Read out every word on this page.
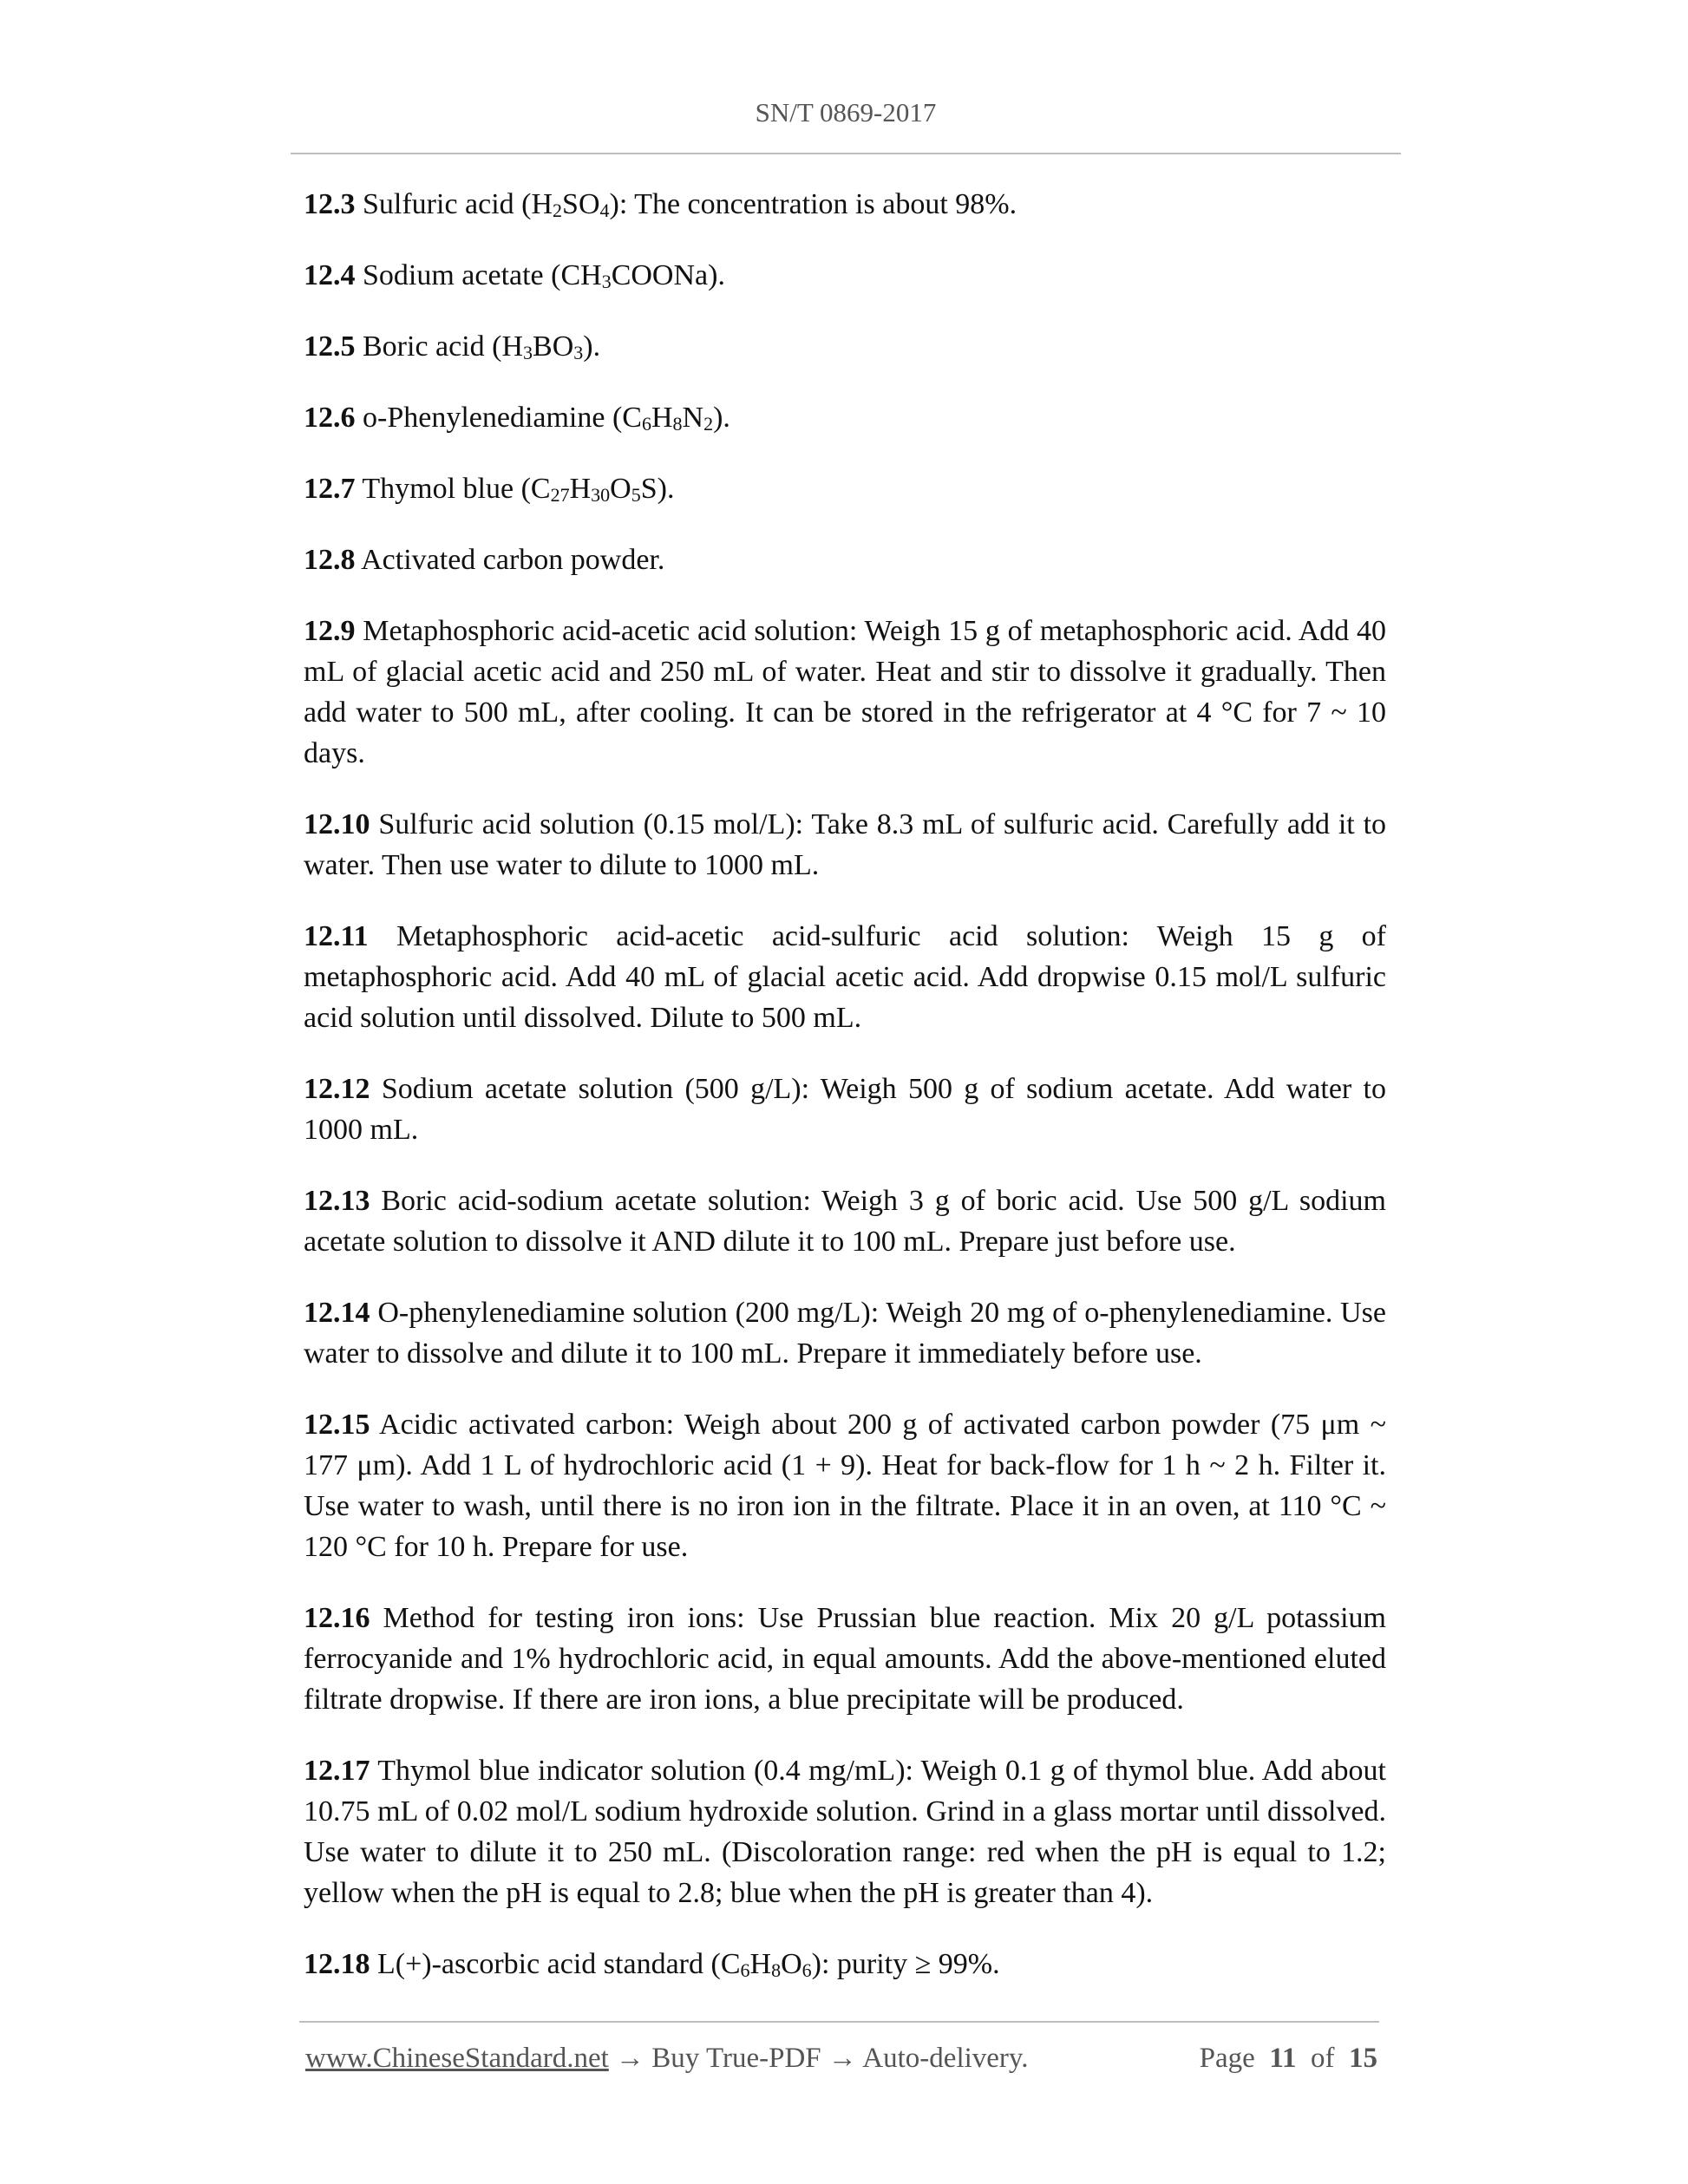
SN/T 0869-2017

12.3 Sulfuric acid $(H_2SO_4)$: The concentration is about 98%.

12.4 Sodium acetate $(CH_3COONa)$.

12.5 Boric acid $(H_3BO_3)$.

12.6 o-Phenylenediamine $(C_6H_8N_2)$.

12.7 Thymol blue $(C_{27}H_{30}O_5S)$.

12.8 Activated carbon powder.

12.9 Metaphosphoric acid-acetic acid solution: Weigh 15 g of metaphosphoric acid. Add 40 mL of glacial acetic acid and 250 mL of water. Heat and stir to dissolve it gradually. Then add water to 500 mL, after cooling. It can be stored in the refrigerator at 4 °C for 7 ~ 10 days.

12.10 Sulfuric acid solution (0.15 mol/L): Take 8.3 mL of sulfuric acid. Carefully add it to water. Then use water to dilute to 1000 mL.

12.11 Metaphosphoric acid-acetic acid-sulfuric acid solution: Weigh 15 g of metaphosphoric acid. Add 40 mL of glacial acetic acid. Add dropwise 0.15 mol/L sulfuric acid solution until dissolved. Dilute to 500 mL.

12.12 Sodium acetate solution (500 g/L): Weigh 500 g of sodium acetate. Add water to 1000 mL.

12.13 Boric acid-sodium acetate solution: Weigh 3 g of boric acid. Use 500 g/L sodium acetate solution to dissolve it AND dilute it to 100 mL. Prepare just before use.

12.14 O-phenylenediamine solution (200 mg/L): Weigh 20 mg of o-phenylenediamine. Use water to dissolve and dilute it to 100 mL. Prepare it immediately before use.

12.15 Acidic activated carbon: Weigh about 200 g of activated carbon powder (75 μm ~ 177 μm). Add 1 L of hydrochloric acid (1 + 9). Heat for back-flow for 1 h ~ 2 h. Filter it. Use water to wash, until there is no iron ion in the filtrate. Place it in an oven, at 110 °C ~ 120 °C for 10 h. Prepare for use.

12.16 Method for testing iron ions: Use Prussian blue reaction. Mix 20 g/L potassium ferrocyanide and 1% hydrochloric acid, in equal amounts. Add the above-mentioned eluted filtrate dropwise. If there are iron ions, a blue precipitate will be produced.

12.17 Thymol blue indicator solution (0.4 mg/mL): Weigh 0.1 g of thymol blue. Add about 10.75 mL of 0.02 mol/L sodium hydroxide solution. Grind in a glass mortar until dissolved. Use water to dilute it to 250 mL. (Discoloration range: red when the pH is equal to 1.2; yellow when the pH is equal to 2.8; blue when the pH is greater than 4).

12.18 L(+)-ascorbic acid standard $(C_6H_8O_6)$: purity ≥ 99%.

www.ChineseStandard.net → Buy True-PDF → Auto-delivery.	Page 11 of 15
